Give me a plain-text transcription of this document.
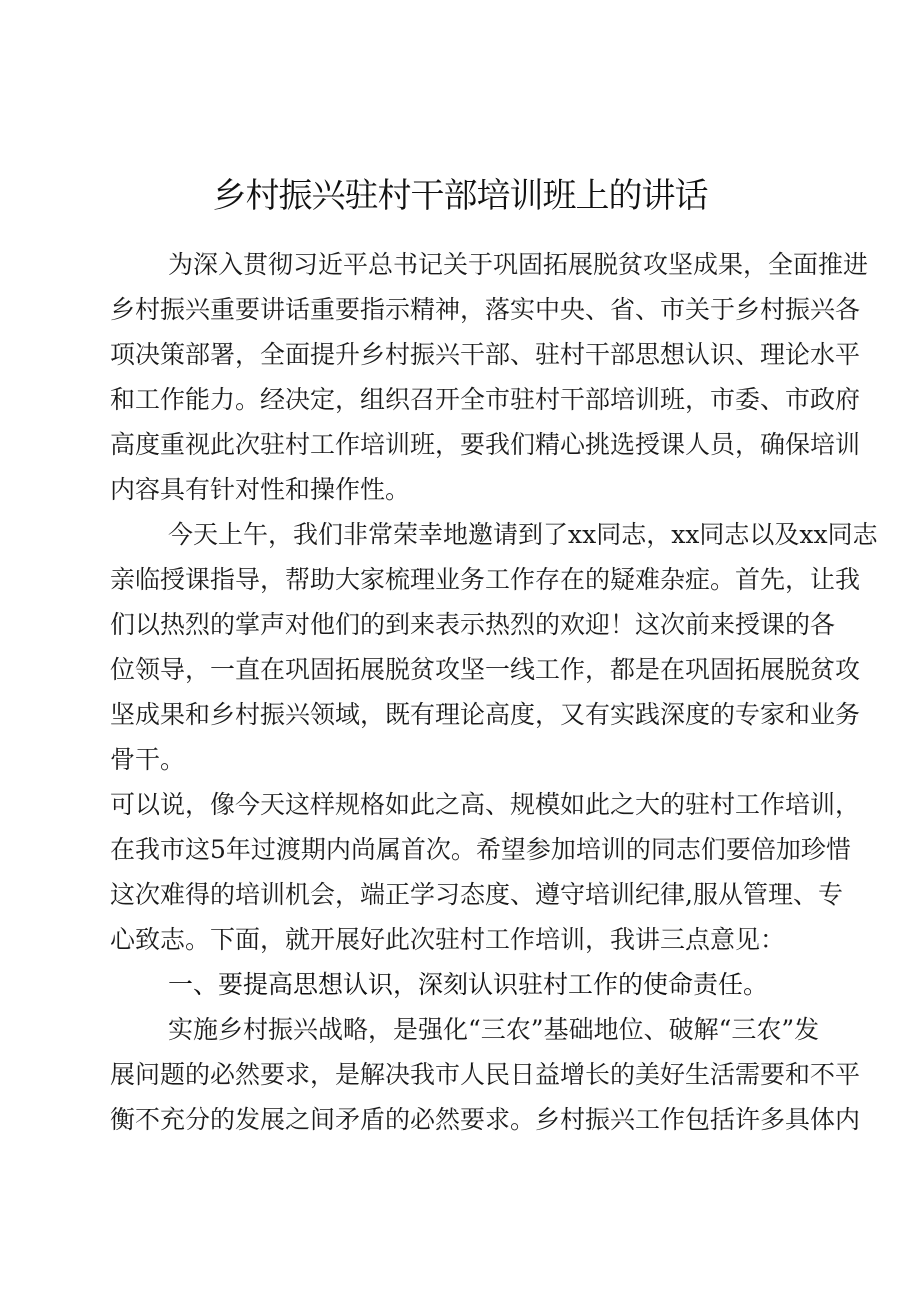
乡村振兴驻村干部培训班上的讲话
为深入贯彻习近平总书记关于巩固拓展脱贫攻坚成果，全面推进
乡村振兴重要讲话重要指示精神，落实中央、省、市关于乡村振兴各
项决策部署，全面提升乡村振兴干部、驻村干部思想认识、理论水平
和工作能力。经决定，组织召开全市驻村干部培训班，市委、市政府
高度重视此次驻村工作培训班，要我们精心挑选授课人员，确保培训
内容具有针对性和操作性。
今天上午，我们非常荣幸地邀请到了xx同志，xx同志以及xx同志
亲临授课指导，帮助大家梳理业务工作存在的疑难杂症。首先，让我
们以热烈的掌声对他们的到来表示热烈的欢迎！这次前来授课的各
位领导，一直在巩固拓展脱贫攻坚一线工作，都是在巩固拓展脱贫攻
坚成果和乡村振兴领域，既有理论高度，又有实践深度的专家和业务
骨干。
可以说，像今天这样规格如此之高、规模如此之大的驻村工作培训，
在我市这5年过渡期内尚属首次。希望参加培训的同志们要倍加珍惜
这次难得的培训机会，端正学习态度、遵守培训纪律,服从管理、专
心致志。下面，就开展好此次驻村工作培训，我讲三点意见：
一、要提高思想认识，深刻认识驻村工作的使命责任。
实施乡村振兴战略，是强化“三农”基础地位、破解“三农”发
展问题的必然要求，是解决我市人民日益增长的美好生活需要和不平
衡不充分的发展之间矛盾的必然要求。乡村振兴工作包括许多具体内
